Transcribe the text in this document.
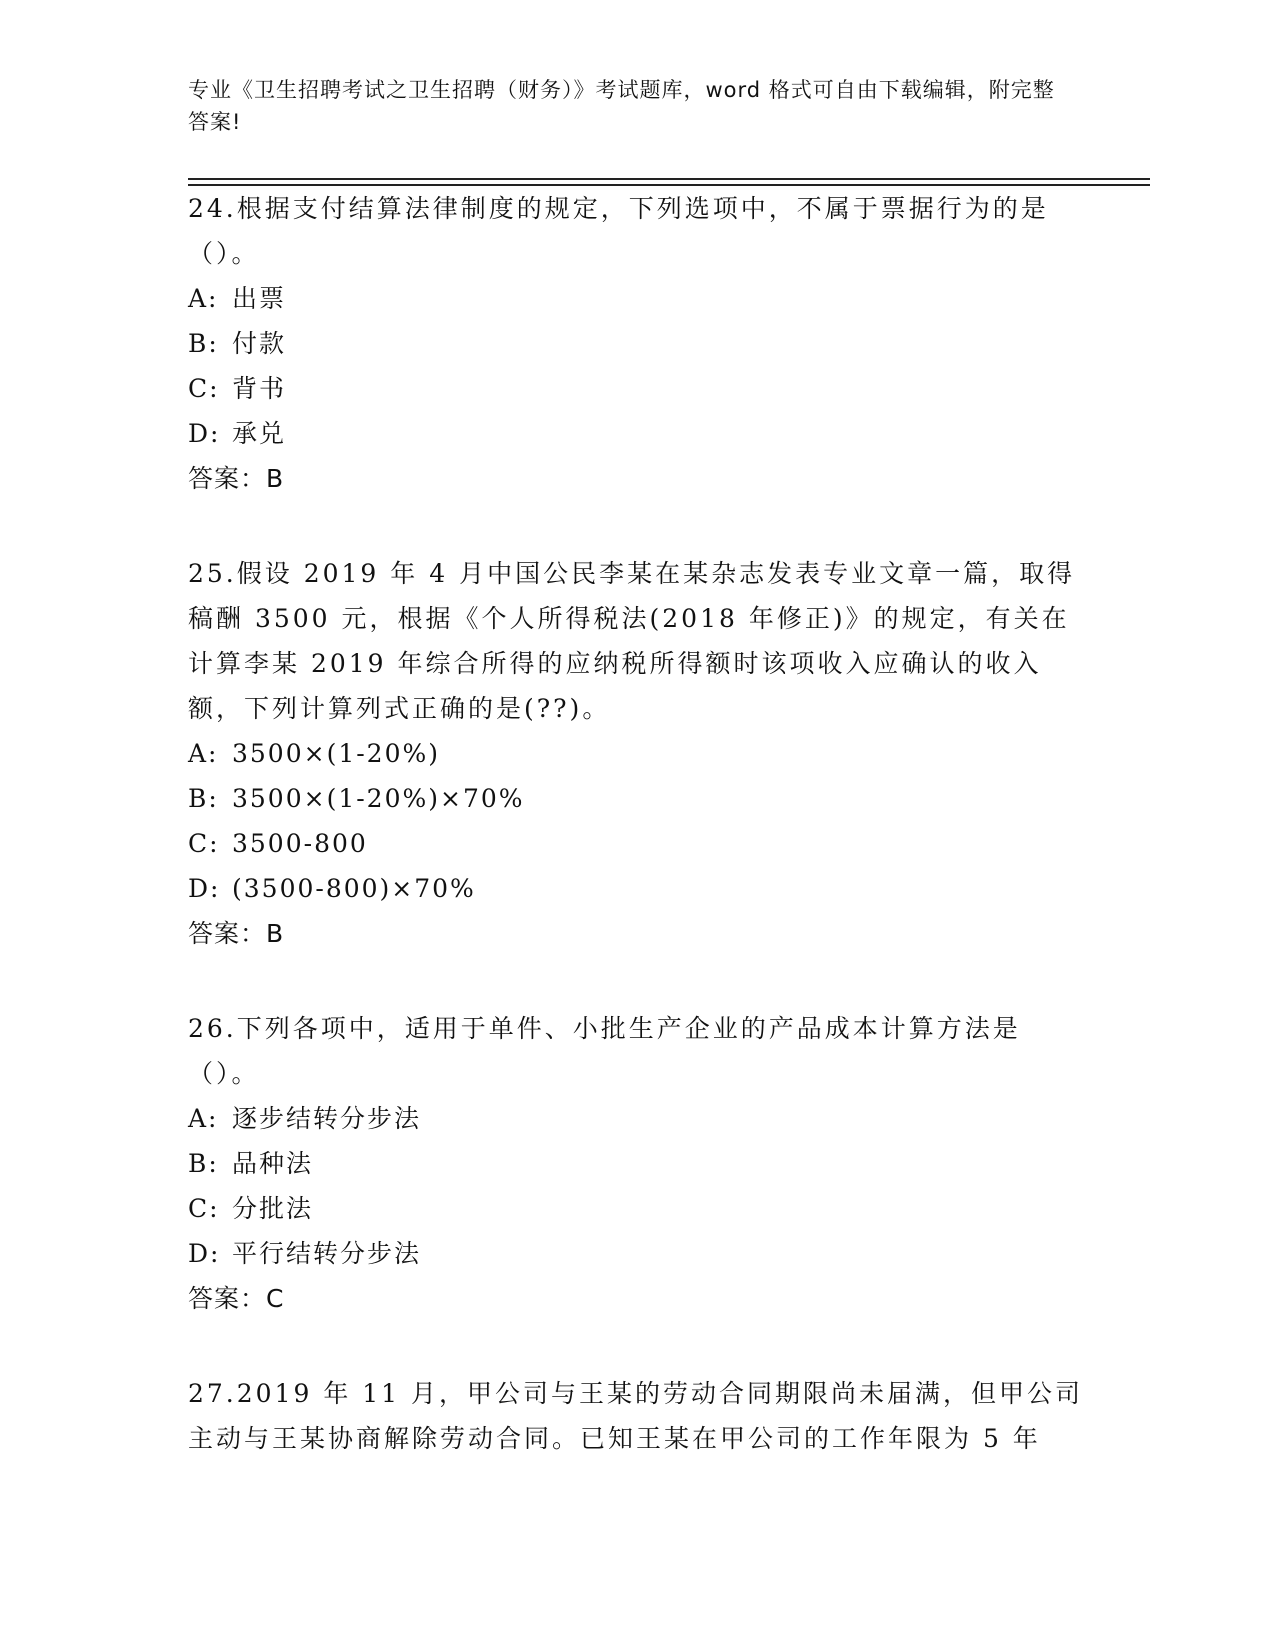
专业《卫生招聘考试之卫生招聘（财务）》考试题库，word 格式可自由下载编辑，附完整答案!

24.根据支付结算法律制度的规定，下列选项中，不属于票据行为的是（）。

A: 出票

B: 付款

C: 背书

D: 承兑

答案：B

25.假设 2019 年 4 月中国公民李某在某杂志发表专业文章一篇，取得稿酬 3500 元，根据《个人所得税法(2018 年修正)》的规定，有关在计算李某 2019 年综合所得的应纳税所得额时该项收入应确认的收入额，下列计算列式正确的是(??)。

A: 3500×(1-20%)

B: 3500×(1-20%)×70%

C: 3500-800

D: (3500-800)×70%

答案：B

26.下列各项中，适用于单件、小批生产企业的产品成本计算方法是（）。

A: 逐步结转分步法

B: 品种法

C: 分批法

D: 平行结转分步法

答案：C

27.2019 年 11 月，甲公司与王某的劳动合同期限尚未届满，但甲公司主动与王某协商解除劳动合同。已知王某在甲公司的工作年限为 5 年
